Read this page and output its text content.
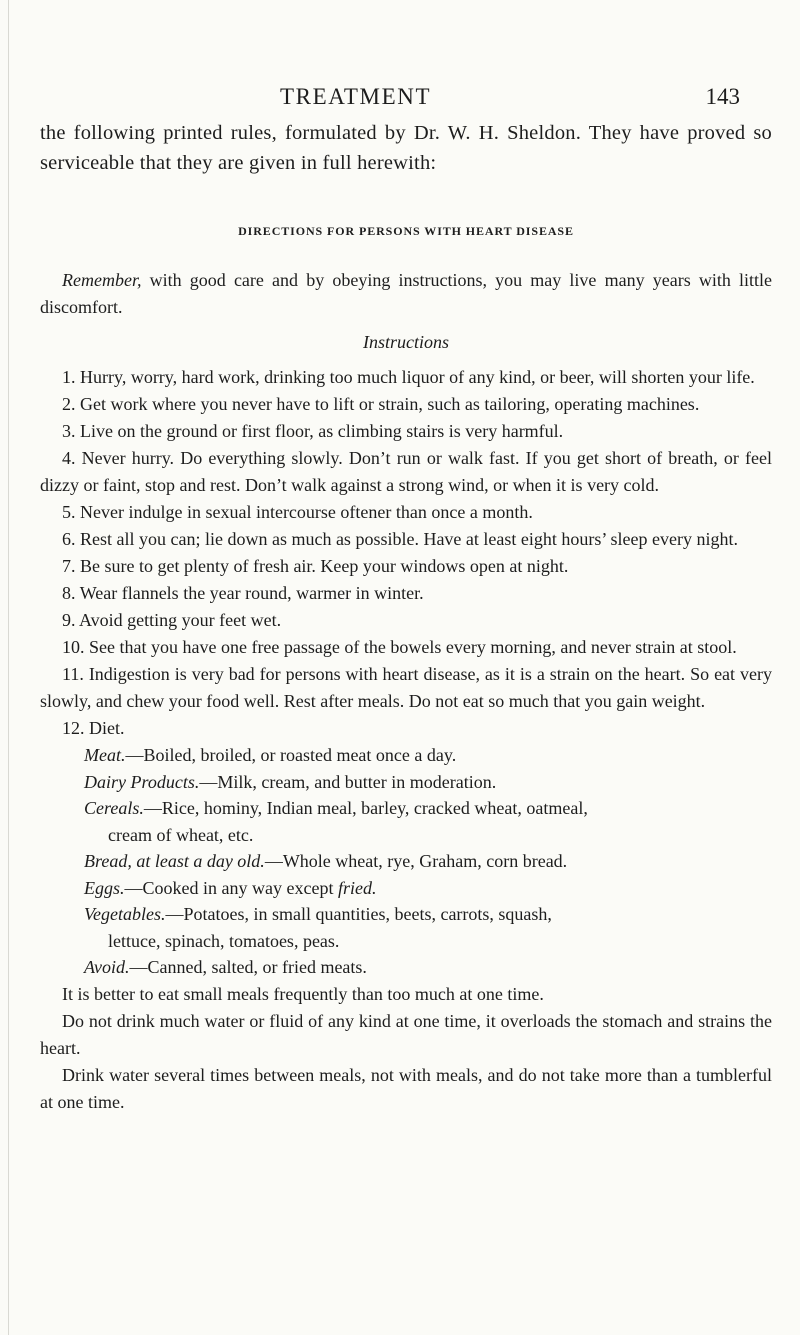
TREATMENT	143

the following printed rules, formulated by Dr. W. H. Sheldon. They have proved so serviceable that they are given in full herewith:

DIRECTIONS FOR PERSONS WITH HEART DISEASE

Remember, with good care and by obeying instructions, you may live many years with little discomfort.

Instructions

1. Hurry, worry, hard work, drinking too much liquor of any kind, or beer, will shorten your life.

2. Get work where you never have to lift or strain, such as tailoring, operating machines.

3. Live on the ground or first floor, as climbing stairs is very harmful.

4. Never hurry. Do everything slowly. Don’t run or walk fast. If you get short of breath, or feel dizzy or faint, stop and rest. Don’t walk against a strong wind, or when it is very cold.

5. Never indulge in sexual intercourse oftener than once a month.

6. Rest all you can; lie down as much as possible. Have at least eight hours’ sleep every night.

7. Be sure to get plenty of fresh air. Keep your windows open at night.

8. Wear flannels the year round, warmer in winter.

9. Avoid getting your feet wet.

10. See that you have one free passage of the bowels every morning, and never strain at stool.

11. Indigestion is very bad for persons with heart disease, as it is a strain on the heart. So eat very slowly, and chew your food well. Rest after meals. Do not eat so much that you gain weight.

12. Diet.

Meat.—Boiled, broiled, or roasted meat once a day.

Dairy Products.—Milk, cream, and butter in moderation.

Cereals.—Rice, hominy, Indian meal, barley, cracked wheat, oatmeal,
cream of wheat, etc.

Bread, at least a day old.—Whole wheat, rye, Graham, corn bread.

Eggs.—Cooked in any way except fried.

Vegetables.—Potatoes, in small quantities, beets, carrots, squash,
lettuce, spinach, tomatoes, peas.

Avoid.—Canned, salted, or fried meats.

It is better to eat small meals frequently than too much at one time.

Do not drink much water or fluid of any kind at one time, it overloads the stomach and strains the heart.

Drink water several times between meals, not with meals, and do not take more than a tumblerful at one time.
